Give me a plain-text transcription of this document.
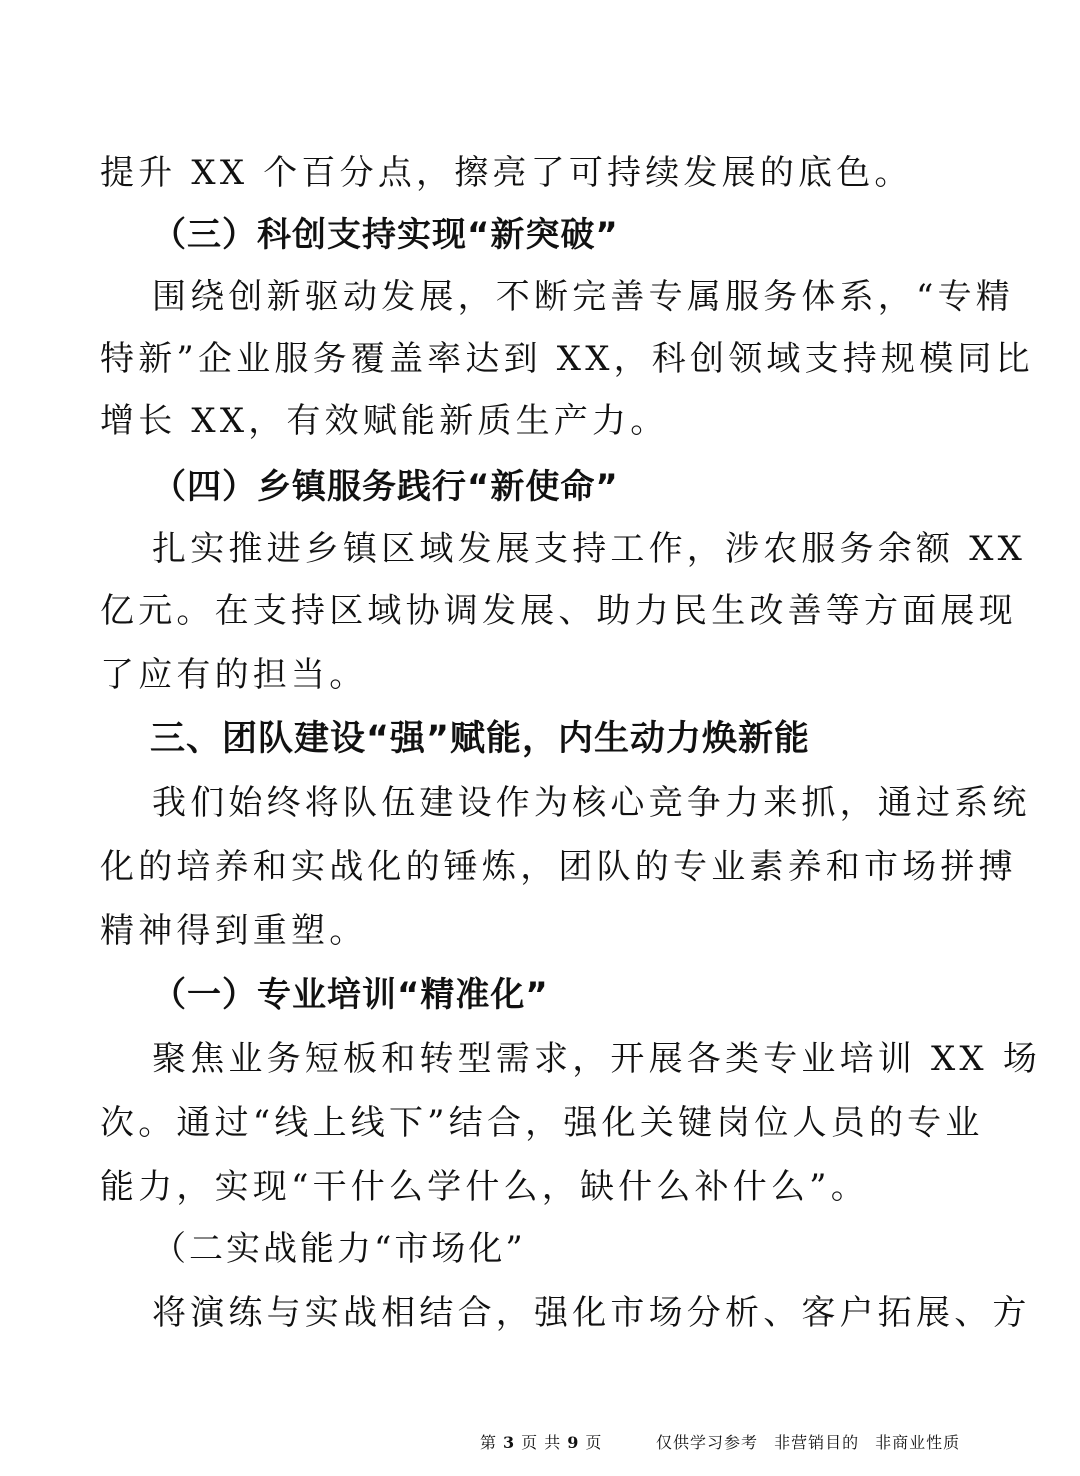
提升 XX 个百分点，擦亮了可持续发展的底色。
（三）科创支持实现“新突破”
围绕创新驱动发展，不断完善专属服务体系，“专精
特新”企业服务覆盖率达到 XX，科创领域支持规模同比
增长 XX，有效赋能新质生产力。
（四）乡镇服务践行“新使命”
扎实推进乡镇区域发展支持工作，涉农服务余额 XX
亿元。在支持区域协调发展、助力民生改善等方面展现
了应有的担当。
三、团队建设“强”赋能，内生动力焕新能
我们始终将队伍建设作为核心竞争力来抓，通过系统
化的培养和实战化的锤炼，团队的专业素养和市场拼搏
精神得到重塑。
（一）专业培训“精准化”
聚焦业务短板和转型需求，开展各类专业培训 XX 场
次。通过“线上线下”结合，强化关键岗位人员的专业
能力，实现“干什么学什么，缺什么补什么”。
（二实战能力“市场化”
将演练与实战相结合，强化市场分析、客户拓展、方
第 3 页 共 9 页	仅供学习参考 非营销目的 非商业性质
